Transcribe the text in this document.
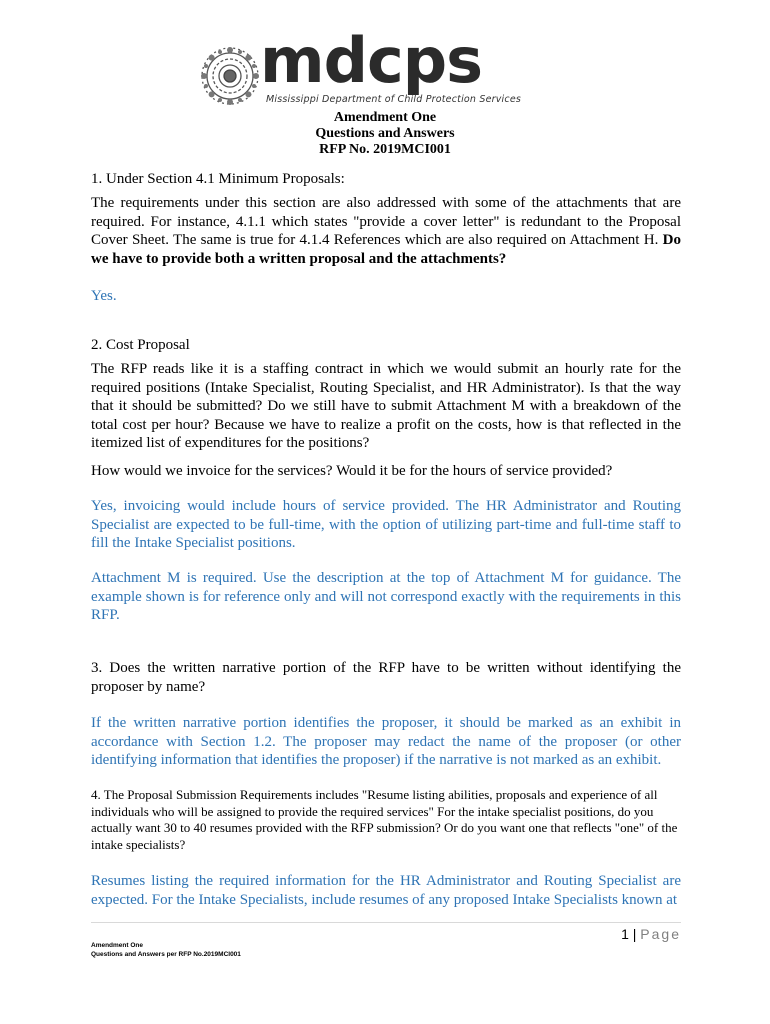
mdcps
Mississippi Department of Child Protection Services
Amendment One
Questions and Answers
RFP No. 2019MCI001
1. Under Section 4.1 Minimum Proposals:
The requirements under this section are also addressed with some of the attachments that are required. For instance, 4.1.1 which states "provide a cover letter" is redundant to the Proposal Cover Sheet. The same is true for 4.1.4 References which are also required on Attachment H. Do we have to provide both a written proposal and the attachments?
Yes.
2. Cost Proposal
The RFP reads like it is a staffing contract in which we would submit an hourly rate for the required positions (Intake Specialist, Routing Specialist, and HR Administrator). Is that the way that it should be submitted? Do we still have to submit Attachment M with a breakdown of the total cost per hour? Because we have to realize a profit on the costs, how is that reflected in the itemized list of expenditures for the positions?
How would we invoice for the services? Would it be for the hours of service provided?
Yes, invoicing would include hours of service provided. The HR Administrator and Routing Specialist are expected to be full-time, with the option of utilizing part-time and full-time staff to fill the Intake Specialist positions.
Attachment M is required. Use the description at the top of Attachment M for guidance. The example shown is for reference only and will not correspond exactly with the requirements in this RFP.
3. Does the written narrative portion of the RFP have to be written without identifying the proposer by name?
If the written narrative portion identifies the proposer, it should be marked as an exhibit in accordance with Section 1.2. The proposer may redact the name of the proposer (or other identifying information that identifies the proposer) if the narrative is not marked as an exhibit.
4. The Proposal Submission Requirements includes "Resume listing abilities, proposals and experience of all individuals who will be assigned to provide the required services" For the intake specialist positions, do you actually want 30 to 40 resumes provided with the RFP submission? Or do you want one that reflects "one" of the intake specialists?
Resumes listing the required information for the HR Administrator and Routing Specialist are expected. For the Intake Specialists, include resumes of any proposed Intake Specialists known at
1 | Page
Amendment One
Questions and Answers per RFP No.2019MCI001
